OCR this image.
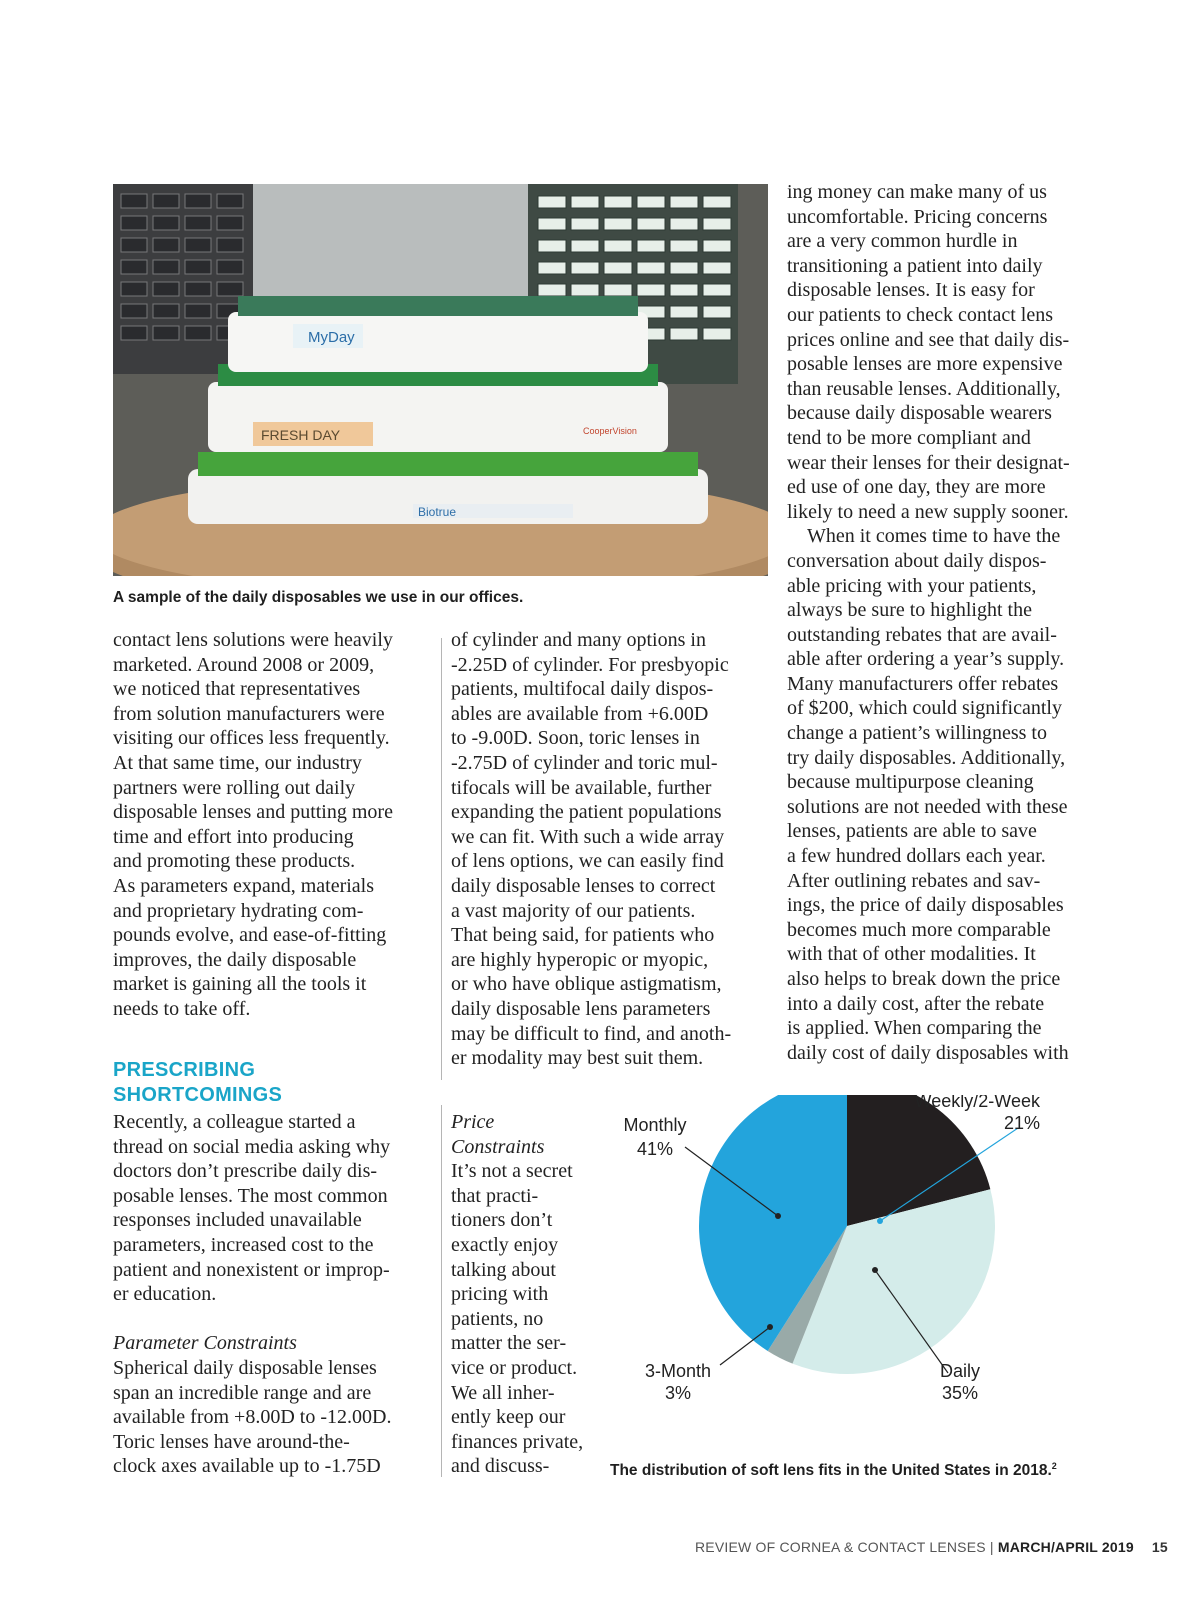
MyDay
FRESH DAY
Biotrue
CooperVision
A sample of the daily disposables we use in our offices.
ing money can make many of us
uncomfortable. Pricing concerns
are a very common hurdle in
transitioning a patient into daily
disposable lenses. It is easy for
our patients to check contact lens
prices online and see that daily dis-
posable lenses are more expensive
than reusable lenses. Additionally,
because daily disposable wearers
tend to be more compliant and
wear their lenses for their designat-
ed use of one day, they are more
likely to need a new supply sooner.
When it comes time to have the
conversation about daily dispos-
able pricing with your patients,
always be sure to highlight the
outstanding rebates that are avail-
able after ordering a year’s supply.
Many manufacturers offer rebates
of $200, which could significantly
change a patient’s willingness to
try daily disposables. Additionally,
because multipurpose cleaning
solutions are not needed with these
lenses, patients are able to save
a few hundred dollars each year.
After outlining rebates and sav-
ings, the price of daily disposables
becomes much more comparable
with that of other modalities. It
also helps to break down the price
into a daily cost, after the rebate
is applied. When comparing the
daily cost of daily disposables with
contact lens solutions were heavily
marketed. Around 2008 or 2009,
we noticed that representatives
from solution manufacturers were
visiting our offices less frequently.
At that same time, our industry
partners were rolling out daily
disposable lenses and putting more
time and effort into producing
and promoting these products.
As parameters expand, materials
and proprietary hydrating com-
pounds evolve, and ease-of-fitting
improves, the daily disposable
market is gaining all the tools it
needs to take off.
of cylinder and many options in
-2.25D of cylinder. For presbyopic
patients, multifocal daily dispos-
ables are available from +6.00D
to -9.00D. Soon, toric lenses in
-2.75D of cylinder and toric mul-
tifocals will be available, further
expanding the patient populations
we can fit. With such a wide array
of lens options, we can easily find
daily disposable lenses to correct
a vast majority of our patients.
That being said, for patients who
are highly hyperopic or myopic,
or who have oblique astigmatism,
daily disposable lens parameters
may be difficult to find, and anoth-
er modality may best suit them.
PRESCRIBING
SHORTCOMINGS
Recently, a colleague started a
thread on social media asking why
doctors don’t prescribe daily dis-
posable lenses. The most common
responses included unavailable
parameters, increased cost to the
patient and nonexistent or improp-
er education.
Parameter Constraints
Spherical daily disposable lenses
span an incredible range and are
available from +8.00D to -12.00D.
Toric lenses have around-the-
clock axes available up to -1.75D
Price
Constraints
It’s not a secret
that practi-
tioners don’t
exactly enjoy
talking about
pricing with
patients, no
matter the ser-
vice or product.
We all inher-
ently keep our
finances private,
and discuss-
Weekly/2-Week
21%
Daily
35%
3-Month
3%
Monthly
41%
The distribution of soft lens fits in the United States in 2018.$^2$
REVIEW OF CORNEA & CONTACT LENSES | MARCH/APRIL 2019 15
